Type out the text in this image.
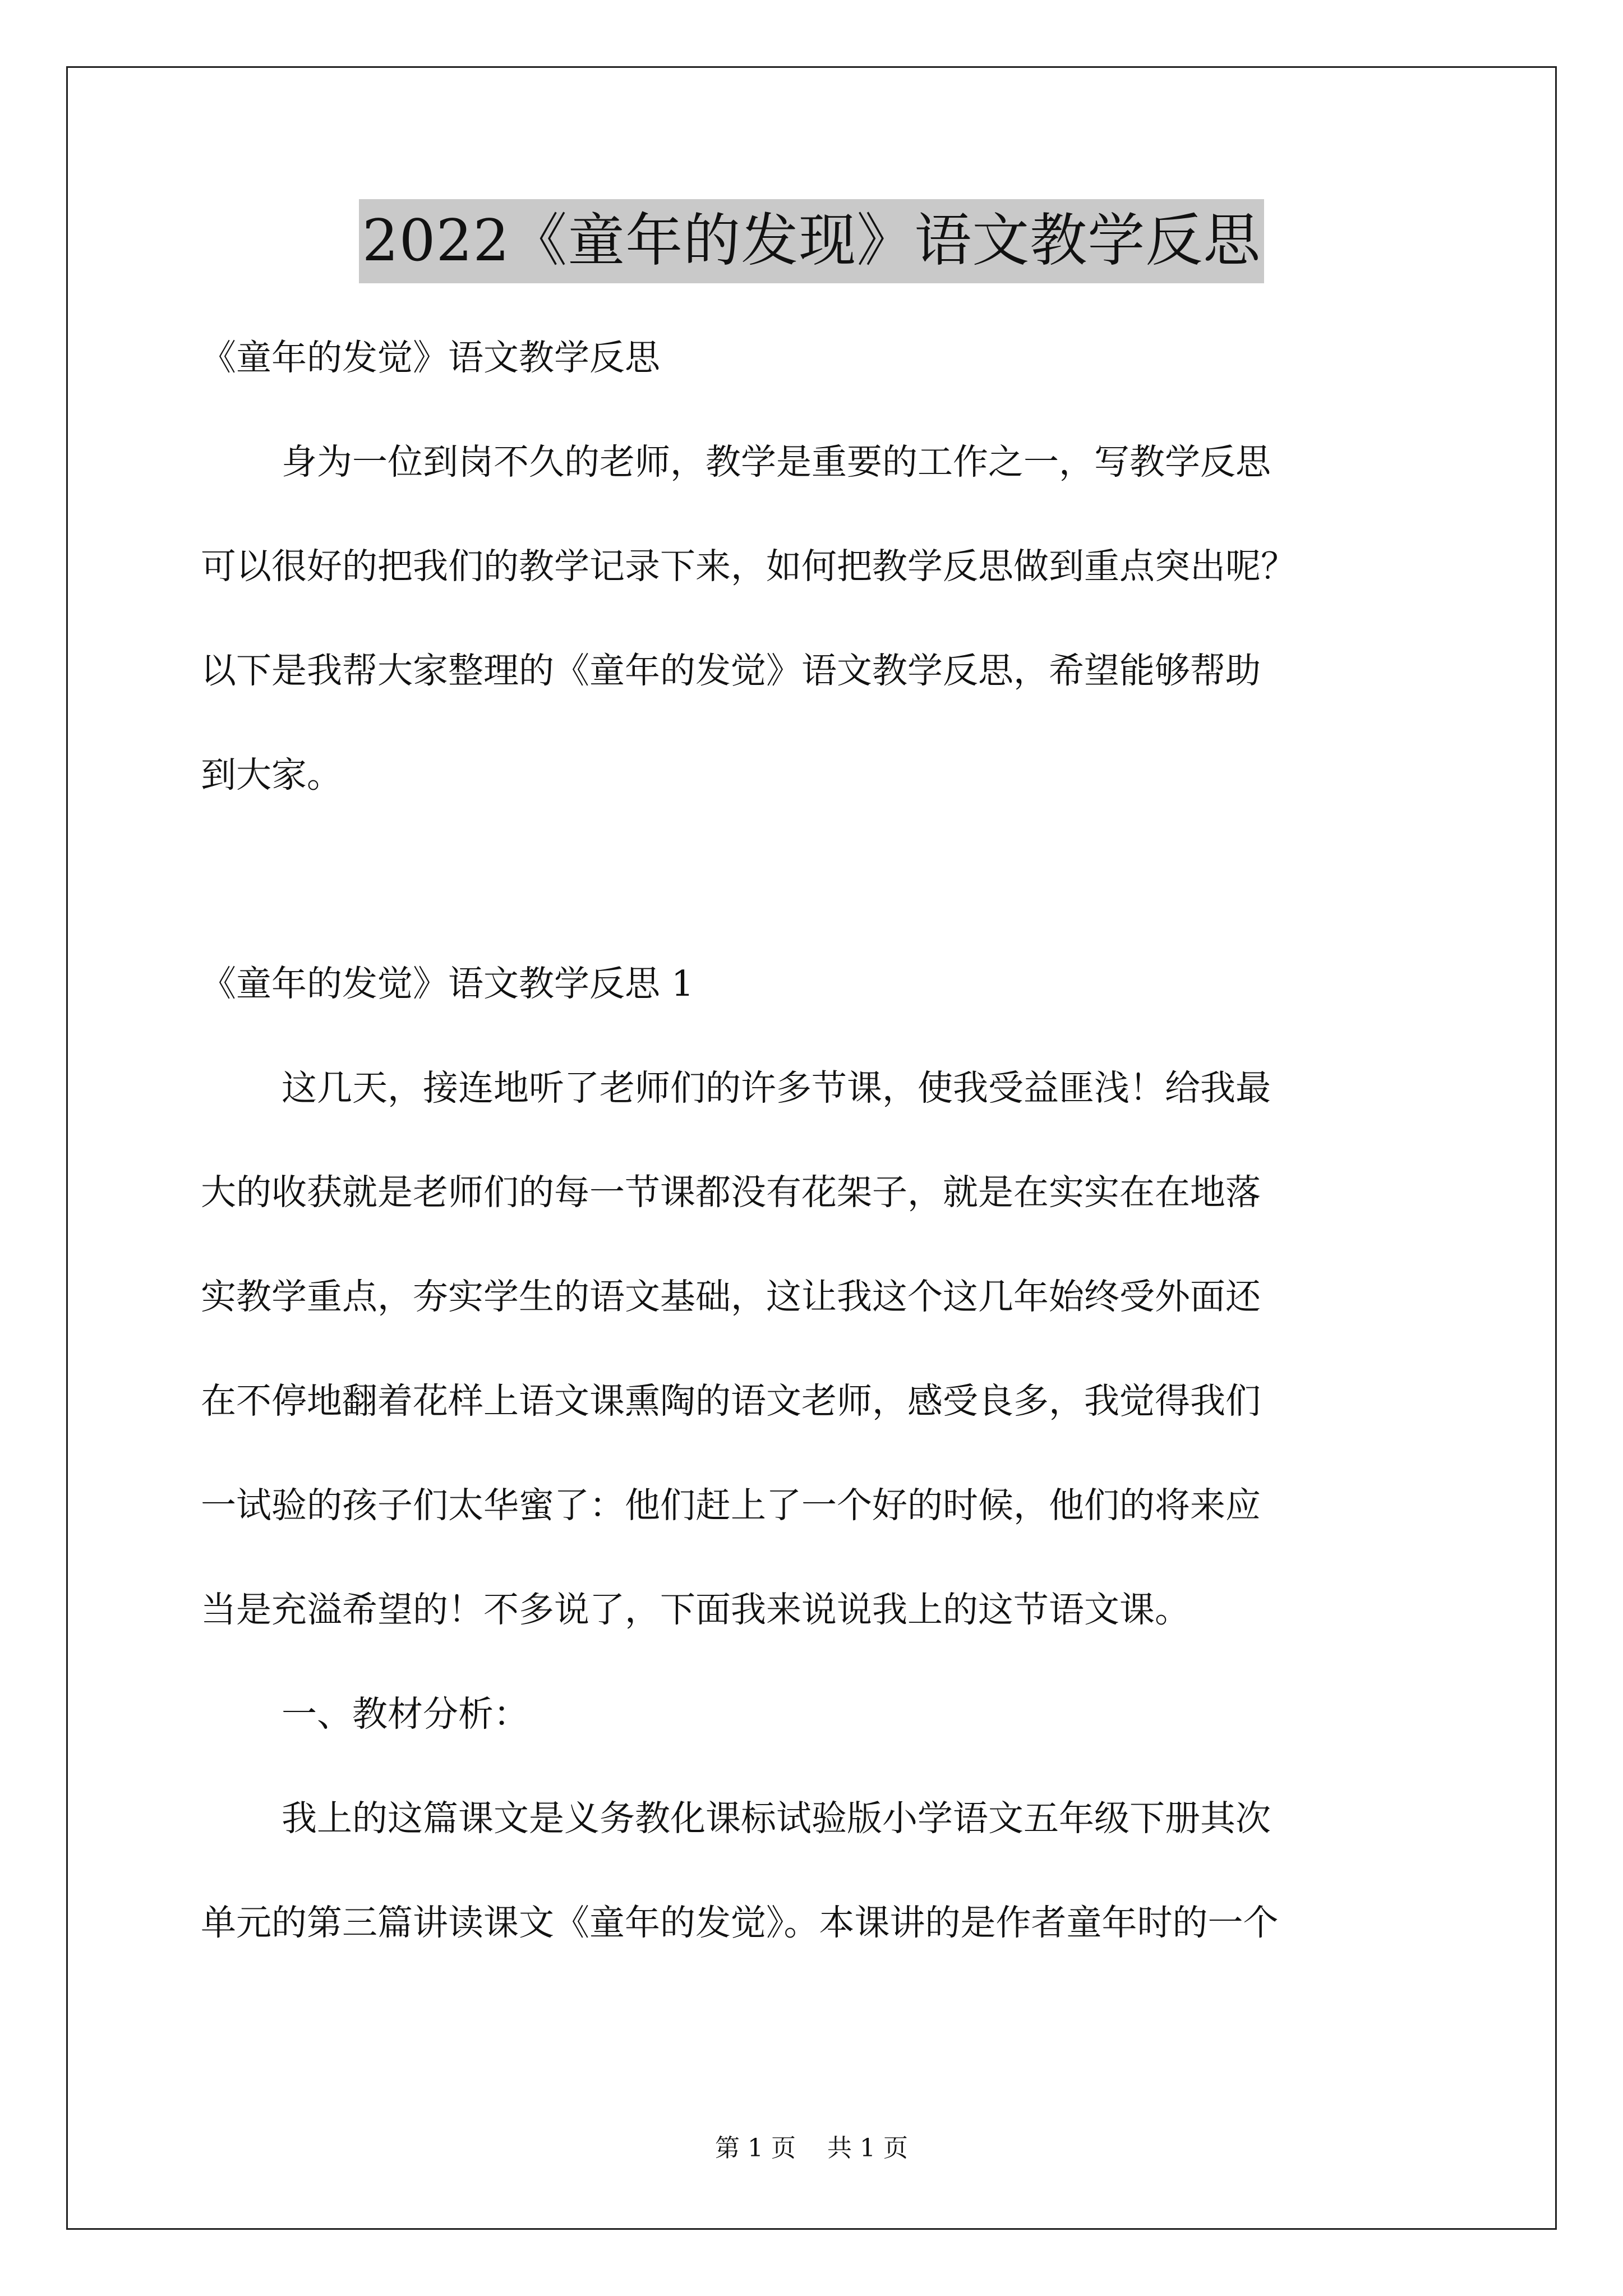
2022《童年的发现》语文教学反思
《童年的发觉》语文教学反思
身为一位到岗不久的老师，教学是重要的工作之一，写教学反思
可以很好的把我们的教学记录下来，如何把教学反思做到重点突出呢？
以下是我帮大家整理的《童年的发觉》语文教学反思，希望能够帮助
到大家。
《童年的发觉》语文教学反思 1
这几天，接连地听了老师们的许多节课，使我受益匪浅！给我最
大的收获就是老师们的每一节课都没有花架子，就是在实实在在地落
实教学重点，夯实学生的语文基础，这让我这个这几年始终受外面还
在不停地翻着花样上语文课熏陶的语文老师，感受良多，我觉得我们
一试验的孩子们太华蜜了：他们赶上了一个好的时候，他们的将来应
当是充溢希望的！不多说了，下面我来说说我上的这节语文课。
一、教材分析：
我上的这篇课文是义务教化课标试验版小学语文五年级下册其次
单元的第三篇讲读课文《童年的发觉》。本课讲的是作者童年时的一个
第 1 页 共 1 页
